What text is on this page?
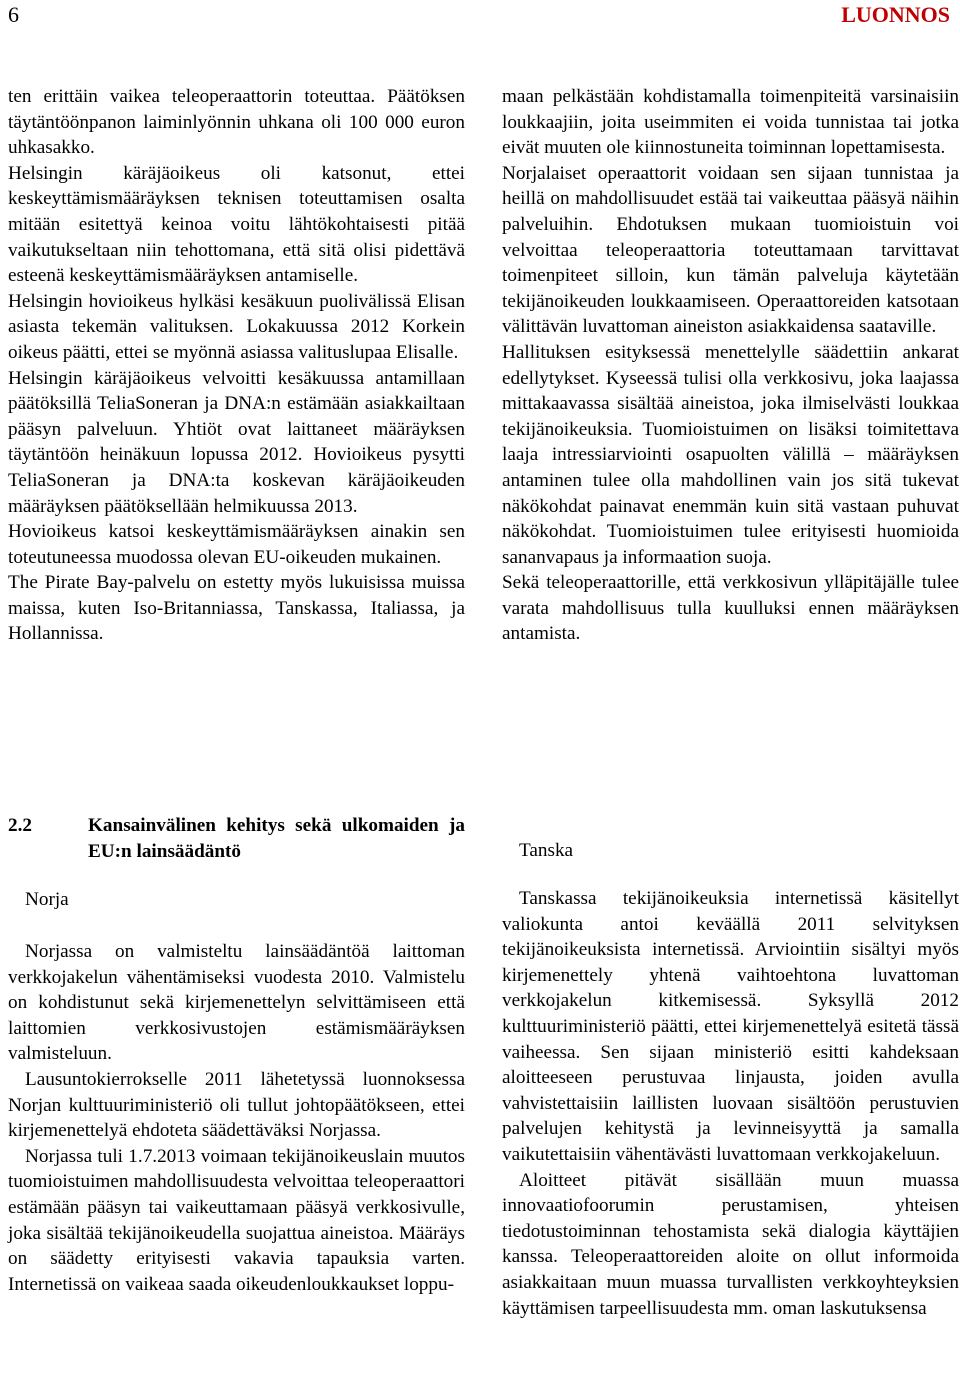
6	LUONNOS

ten erittäin vaikea teleoperaattorin toteuttaa. Päätöksen täytäntöönpanon laiminlyönnin uhkana oli 100 000 euron uhkasakko.

Helsingin käräjäoikeus oli katsonut, ettei keskeyttämismääräyksen teknisen toteuttamisen osalta mitään esitettyä keinoa voitu lähtökohtaisesti pitää vaikutukseltaan niin tehottomana, että sitä olisi pidettävä esteenä keskeyttämismääräyksen antamiselle.

Helsingin hovioikeus hylkäsi kesäkuun puolivälissä Elisan asiasta tekemän valituksen. Lokakuussa 2012 Korkein oikeus päätti, ettei se myönnä asiassa valituslupaa Elisalle.

Helsingin käräjäoikeus velvoitti kesäkuussa antamillaan päätöksillä TeliaSoneran ja DNA:n estämään asiakkailtaan pääsyn palveluun. Yhtiöt ovat laittaneet määräyksen täytäntöön heinäkuun lopussa 2012. Hovioikeus pysytti TeliaSoneran ja DNA:ta koskevan käräjäoikeuden määräyksen päätöksellään helmikuussa 2013.

Hovioikeus katsoi keskeyttämismääräyksen ainakin sen toteutuneessa muodossa olevan EU-oikeuden mukainen.

The Pirate Bay-palvelu on estetty myös lukuisissa muissa maissa, kuten Iso-Britanniassa, Tanskassa, Italiassa, ja Hollannissa.

2.2	Kansainvälinen kehitys sekä ulkomaiden ja EU:n lainsäädäntö
Norja

Norjassa on valmisteltu lainsäädäntöä laittoman verkkojakelun vähentämiseksi vuodesta 2010. Valmistelu on kohdistunut sekä kirjemenettelyn selvittämiseen että laittomien verkkosivustojen estämismääräyksen valmisteluun.

Lausuntokierrokselle 2011 lähetetyssä luonnoksessa Norjan kulttuuriministeriö oli tullut johtopäätökseen, ettei kirjemenettelyä ehdoteta säädettäväksi Norjassa.

Norjassa tuli 1.7.2013 voimaan tekijänoikeuslain muutos tuomioistuimen mahdollisuudesta velvoittaa teleoperaattori estämään pääsyn tai vaikeuttamaan pääsyä verkkosivulle, joka sisältää tekijänoikeudella suojattua aineistoa. Määräys on säädetty erityisesti vakavia tapauksia varten. Internetissä on vaikeaa saada oikeudenloukkaukset loppu-

maan pelkästään kohdistamalla toimenpiteitä varsinaisiin loukkaajiin, joita useimmiten ei voida tunnistaa tai jotka eivät muuten ole kiinnostuneita toiminnan lopettamisesta.

Norjalaiset operaattorit voidaan sen sijaan tunnistaa ja heillä on mahdollisuudet estää tai vaikeuttaa pääsyä näihin palveluihin. Ehdotuksen mukaan tuomioistuin voi velvoittaa teleoperaattoria toteuttamaan tarvittavat toimenpiteet silloin, kun tämän palveluja käytetään tekijänoikeuden loukkaamiseen. Operaattoreiden katsotaan välittävän luvattoman aineiston asiakkaidensa saataville.

Hallituksen esityksessä menettelylle säädettiin ankarat edellytykset. Kyseessä tulisi olla verkkosivu, joka laajassa mittakaavassa sisältää aineistoa, joka ilmiselvästi loukkaa tekijänoikeuksia. Tuomioistuimen on lisäksi toimitettava laaja intressiarviointi osapuolten välillä – määräyksen antaminen tulee olla mahdollinen vain jos sitä tukevat näkökohdat painavat enemmän kuin sitä vastaan puhuvat näkökohdat. Tuomioistuimen tulee erityisesti huomioida sananvapaus ja informaation suoja.

Sekä teleoperaattorille, että verkkosivun ylläpitäjälle tulee varata mahdollisuus tulla kuulluksi ennen määräyksen antamista.

Tanska

Tanskassa tekijänoikeuksia internetissä käsitellyt valiokunta antoi keväällä 2011 selvityksen tekijänoikeuksista internetissä. Arviointiin sisältyi myös kirjemenettely yhtenä vaihtoehtona luvattoman verkkojakelun kitkemisessä. Syksyllä 2012 kulttuuriministeriö päätti, ettei kirjemenettelyä esitetä tässä vaiheessa. Sen sijaan ministeriö esitti kahdeksaan aloitteeseen perustuvaa linjausta, joiden avulla vahvistettaisiin laillisten luovaan sisältöön perustuvien palvelujen kehitystä ja levinneisyyttä ja samalla vaikutettaisiin vähentävästi luvattomaan verkkojakeluun.

Aloitteet pitävät sisällään muun muassa innovaatiofoorumin perustamisen, yhteisen tiedotustoiminnan tehostamista sekä dialogia käyttäjien kanssa. Teleoperaattoreiden aloite on ollut informoida asiakkaitaan muun muassa turvallisten verkkoyhteyksien käyttämisen tarpeellisuudesta mm. oman laskutuksensa
